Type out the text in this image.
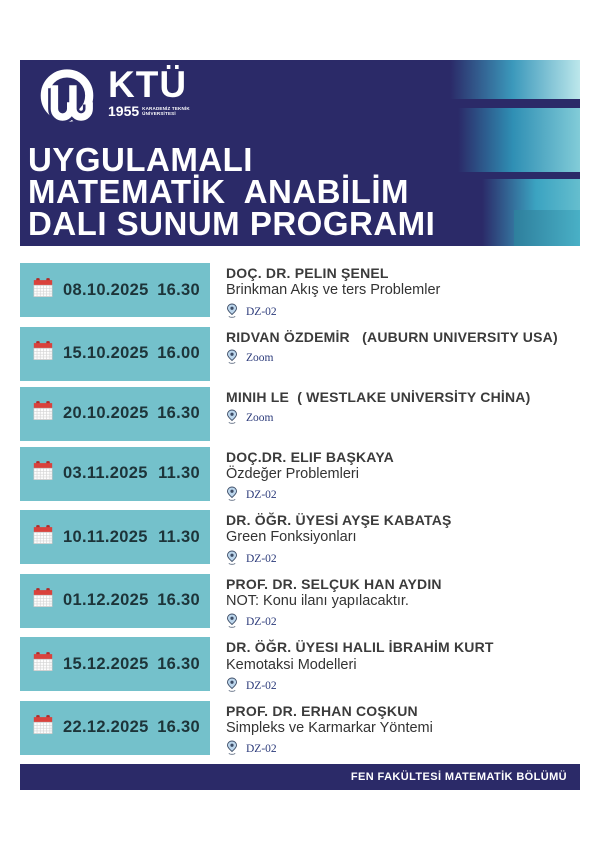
KTÜ
1955 KARADENİZ TEKNİK ÜNİVERSİTESİ
UYGULAMALI
MATEMATİK  ANABİLİM
DALI SUNUM PROGRAMI
08.10.2025 16.30
DOÇ. DR. PELIN ŞENEL
Brinkman Akış ve ters Problemler
DZ-02
15.10.2025 16.00
RIDVAN ÖZDEMİR   (AUBURN UNIVERSITY USA)
Zoom
20.10.2025 16.30
MINIH LE  ( WESTLAKE UNİVERSİTY CHİNA)
Zoom
03.11.2025 11.30
DOÇ.DR. ELIF BAŞKAYA
Özdeğer Problemleri
DZ-02
10.11.2025 11.30
DR. ÖĞR. ÜYESİ AYŞE KABATAŞ
Green Fonksiyonları
DZ-02
01.12.2025 16.30
PROF. DR. SELÇUK HAN AYDIN
NOT: Konu ilanı yapılacaktır.
DZ-02
15.12.2025 16.30
DR. ÖĞR. ÜYESI HALIL İBRAHİM KURT
Kemotaksi Modelleri
DZ-02
22.12.2025 16.30
PROF. DR. ERHAN COŞKUN
Simpleks ve Karmarkar Yöntemi
DZ-02
FEN FAKÜLTESİ MATEMATİK BÖLÜMÜ
